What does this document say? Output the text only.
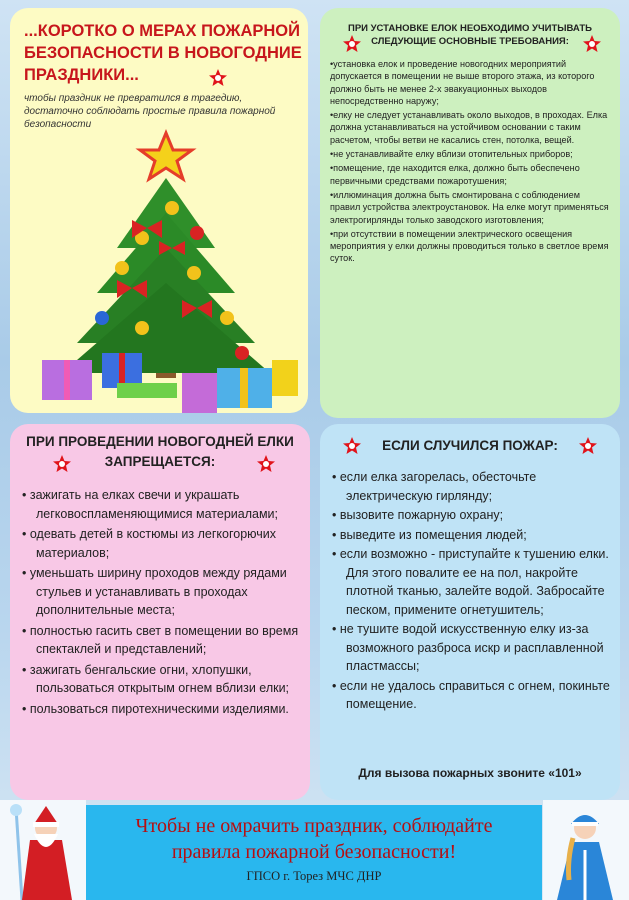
...КОРОТКО О МЕРАХ ПОЖАРНОЙ БЕЗОПАСНОСТИ В НОВОГОДНИЕ ПРАЗДНИКИ...
чтобы праздник не превратился в трагедию, достаточно соблюдать простые правила пожарной безопасности
ПРИ УСТАНОВКЕ ЕЛОК НЕОБХОДИМО УЧИТЫВАТЬ СЛЕДУЮЩИЕ ОСНОВНЫЕ ТРЕБОВАНИЯ:
•установка елок и проведение новогодних мероприятий допускается в помещении не выше второго этажа, из которого должно быть не менее 2-х эвакуационных выходов непосредственно наружу;
•елку не следует устанавливать около выходов, в проходах. Елка должна устанавливаться на устойчивом основании с таким расчетом, чтобы ветви не касались стен, потолка, вещей.
•не устанавливайте елку вблизи отопительных приборов;
•помещение, где находится елка, должно быть обеспечено первичными средствами пожаротушения;
•иллюминация должна быть смонтирована с соблюдением правил устройства электроустановок. На елке могут применяться электрогирлянды только заводского изготовления;
•при отсутствии в помещении электрического освещения мероприятия у елки должны проводиться только в светлое время суток.
ПРИ ПРОВЕДЕНИИ НОВОГОДНЕЙ ЕЛКИ ЗАПРЕЩАЕТСЯ:
• зажигать на елках свечи и украшать легковоспламеняющимися материалами;
• одевать детей в костюмы из легкогорючих материалов;
• уменьшать ширину проходов между рядами стульев и устанавливать в проходах дополнительные места;
• полностью гасить свет в помещении во время спектаклей и представлений;
• зажигать бенгальские огни, хлопушки, пользоваться открытым огнем вблизи елки;
• пользоваться пиротехническими изделиями.
ЕСЛИ СЛУЧИЛСЯ ПОЖАР:
• если елка загорелась, обесточьте электрическую гирлянду;
• вызовите пожарную охрану;
• выведите из помещения людей;
• если возможно - приступайте к тушению елки. Для этого повалите ее на пол, накройте плотной тканью, залейте водой. Забросайте песком, примените огнетушитель;
• не тушите водой искусственную елку из-за возможного разброса искр и расплавленной пластмассы;
• если не удалось справиться с огнем, покиньте помещение.
Для вызова пожарных звоните «101»
Чтобы не омрачить праздник, соблюдайте
правила пожарной безопасности!
ГПСО г. Торез МЧС ДНР
